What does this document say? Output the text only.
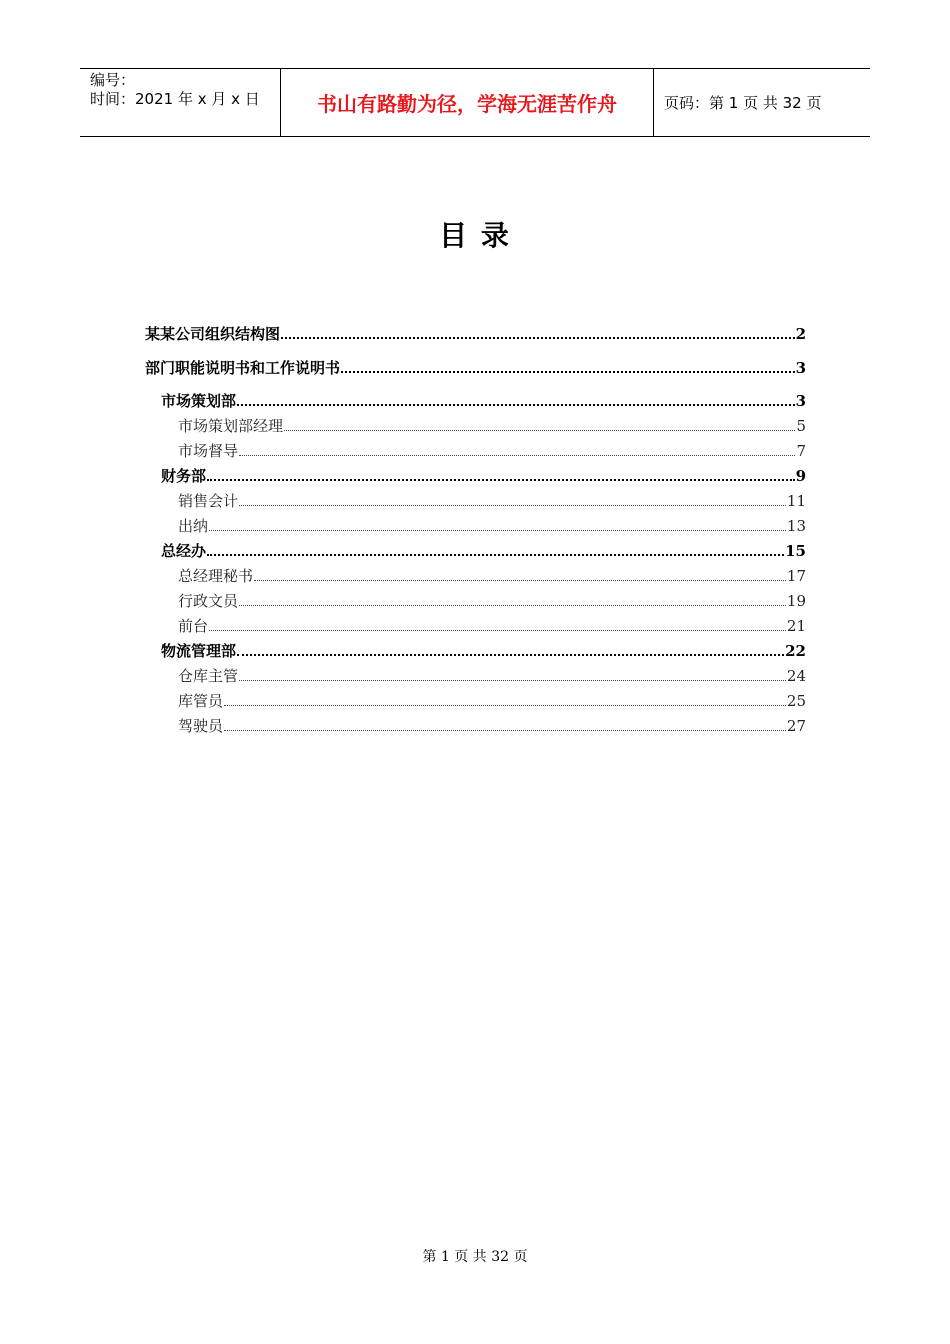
编号：
时间：2021 年 x 月 x 日	书山有路勤为径，学海无涯苦作舟	页码：第 1 页 共 32 页
目 录
某某公司组织结构图	2
部门职能说明书和工作说明书	3
市场策划部	3
市场策划部经理	5
市场督导	7
财务部	9
销售会计	11
出纳	13
总经办	15
总经理秘书	17
行政文员	19
前台	21
物流管理部	22
仓库主管	24
库管员	25
驾驶员	27
第 1 页 共 32 页
